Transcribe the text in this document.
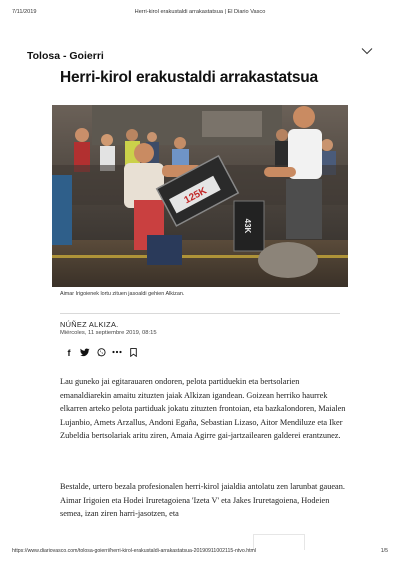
7/11/2019	Herri-kirol erakustaldi arrakastatsua | El Diario Vasco
Tolosa - Goierri
Herri-kirol erakustaldi arrakastatsua
125K
43K
Aimar Irigoienek lortu zituen jasoaldi gehien Alkizan.
NÚÑEZ ALKIZA.
Miércoles, 11 septiembre 2019, 08:15
f

Lau guneko jai egitarauaren ondoren, pelota partiduekin eta bertsolarien emanaldiarekin amaitu zituzten jaiak Alkizan igandean. Goizean herriko haurrek elkarren arteko pelota partiduak jokatu zituzten frontoian, eta bazkalondoren, Maialen Lujanbio, Amets Arzallus, Andoni Egaña, Sebastian Lizaso, Aitor Mendiluze eta Iker Zubeldia bertsolariak aritu ziren, Amaia Agirre gai-jartzailearen galderei erantzunez.

Bestalde, urtero bezala profesionalen herri-kirol jaialdia antolatu zen larunbat gauean. Aimar Irigoien eta Hodei Iruretagoiena 'Izeta V' eta Jakes Iruretagoiena, Hodeien semea, izan ziren harri-jasotzen, eta

https://www.diariovasco.com/tolosa-goierri/herri-kirol-erakustaldi-arrakastatsua-20190911002115-ntvo.html	1/5
